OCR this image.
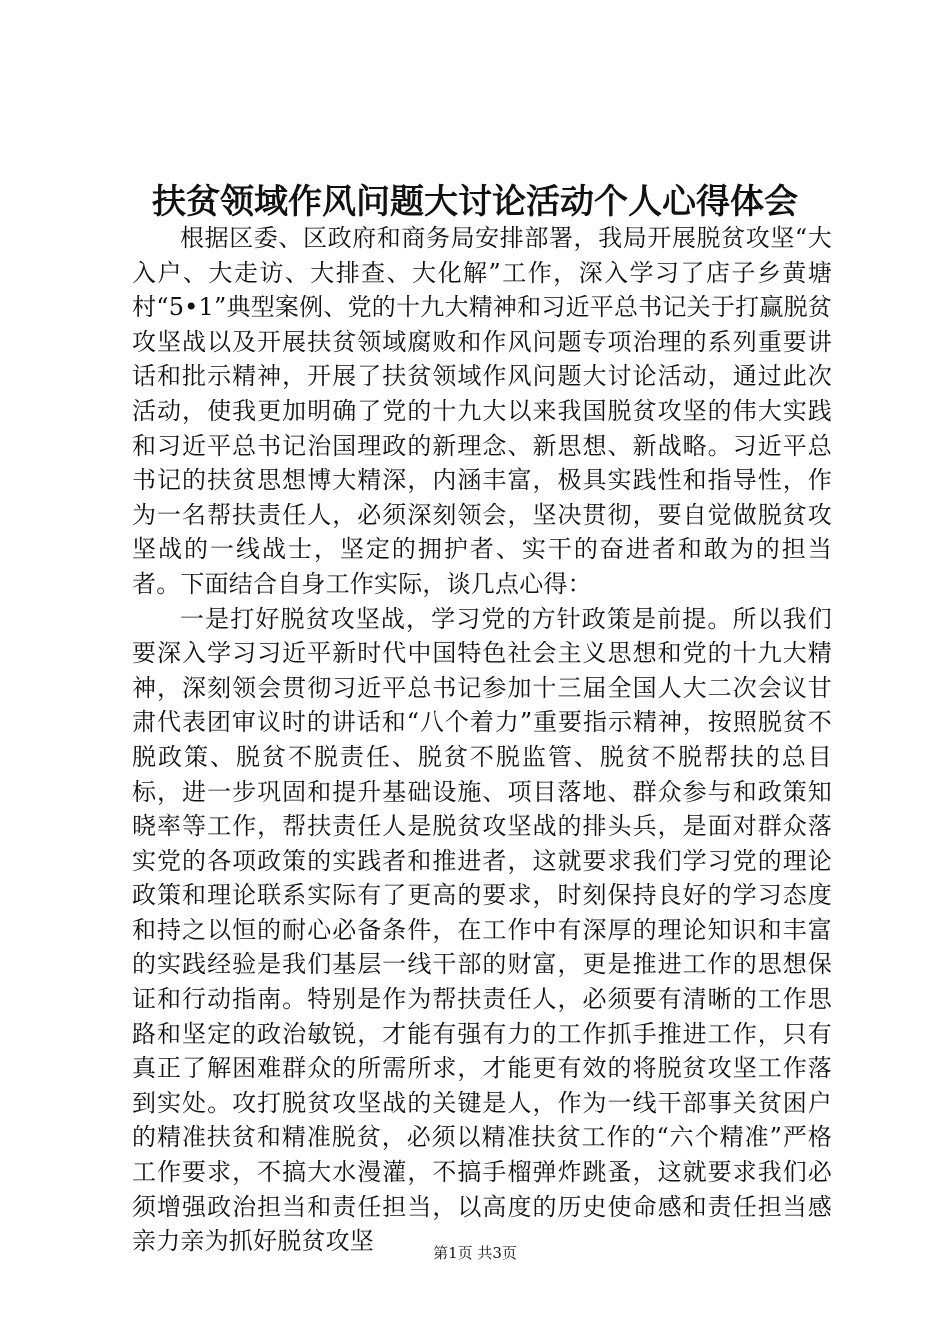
扶贫领域作风问题大讨论活动个人心得体会

根据区委、区政府和商务局安排部署，我局开展脱贫攻坚“大入户、大走访、大排查、大化解”工作，深入学习了店子乡黄塘村“5•1”典型案例、党的十九大精神和习近平总书记关于打赢脱贫攻坚战以及开展扶贫领域腐败和作风问题专项治理的系列重要讲话和批示精神，开展了扶贫领域作风问题大讨论活动，通过此次活动，使我更加明确了党的十九大以来我国脱贫攻坚的伟大实践和习近平总书记治国理政的新理念、新思想、新战略。习近平总书记的扶贫思想博大精深，内涵丰富，极具实践性和指导性，作为一名帮扶责任人，必须深刻领会，坚决贯彻，要自觉做脱贫攻坚战的一线战士，坚定的拥护者、实干的奋进者和敢为的担当者。下面结合自身工作实际，谈几点心得：

一是打好脱贫攻坚战，学习党的方针政策是前提。所以我们要深入学习习近平新时代中国特色社会主义思想和党的十九大精神，深刻领会贯彻习近平总书记参加十三届全国人大二次会议甘肃代表团审议时的讲话和“八个着力”重要指示精神，按照脱贫不脱政策、脱贫不脱责任、脱贫不脱监管、脱贫不脱帮扶的总目标，进一步巩固和提升基础设施、项目落地、群众参与和政策知晓率等工作，帮扶责任人是脱贫攻坚战的排头兵，是面对群众落实党的各项政策的实践者和推进者，这就要求我们学习党的理论政策和理论联系实际有了更高的要求，时刻保持良好的学习态度和持之以恒的耐心必备条件，在工作中有深厚的理论知识和丰富的实践经验是我们基层一线干部的财富，更是推进工作的思想保证和行动指南。特别是作为帮扶责任人，必须要有清晰的工作思路和坚定的政治敏锐，才能有强有力的工作抓手推进工作，只有真正了解困难群众的所需所求，才能更有效的将脱贫攻坚工作落到实处。攻打脱贫攻坚战的关键是人，作为一线干部事关贫困户的精准扶贫和精准脱贫，必须以精准扶贫工作的“六个精准”严格工作要求，不搞大水漫灌，不搞手榴弹炸跳蚤，这就要求我们必须增强政治担当和责任担当，以高度的历史使命感和责任担当感亲力亲为抓好脱贫攻坚	第1页 共3页
